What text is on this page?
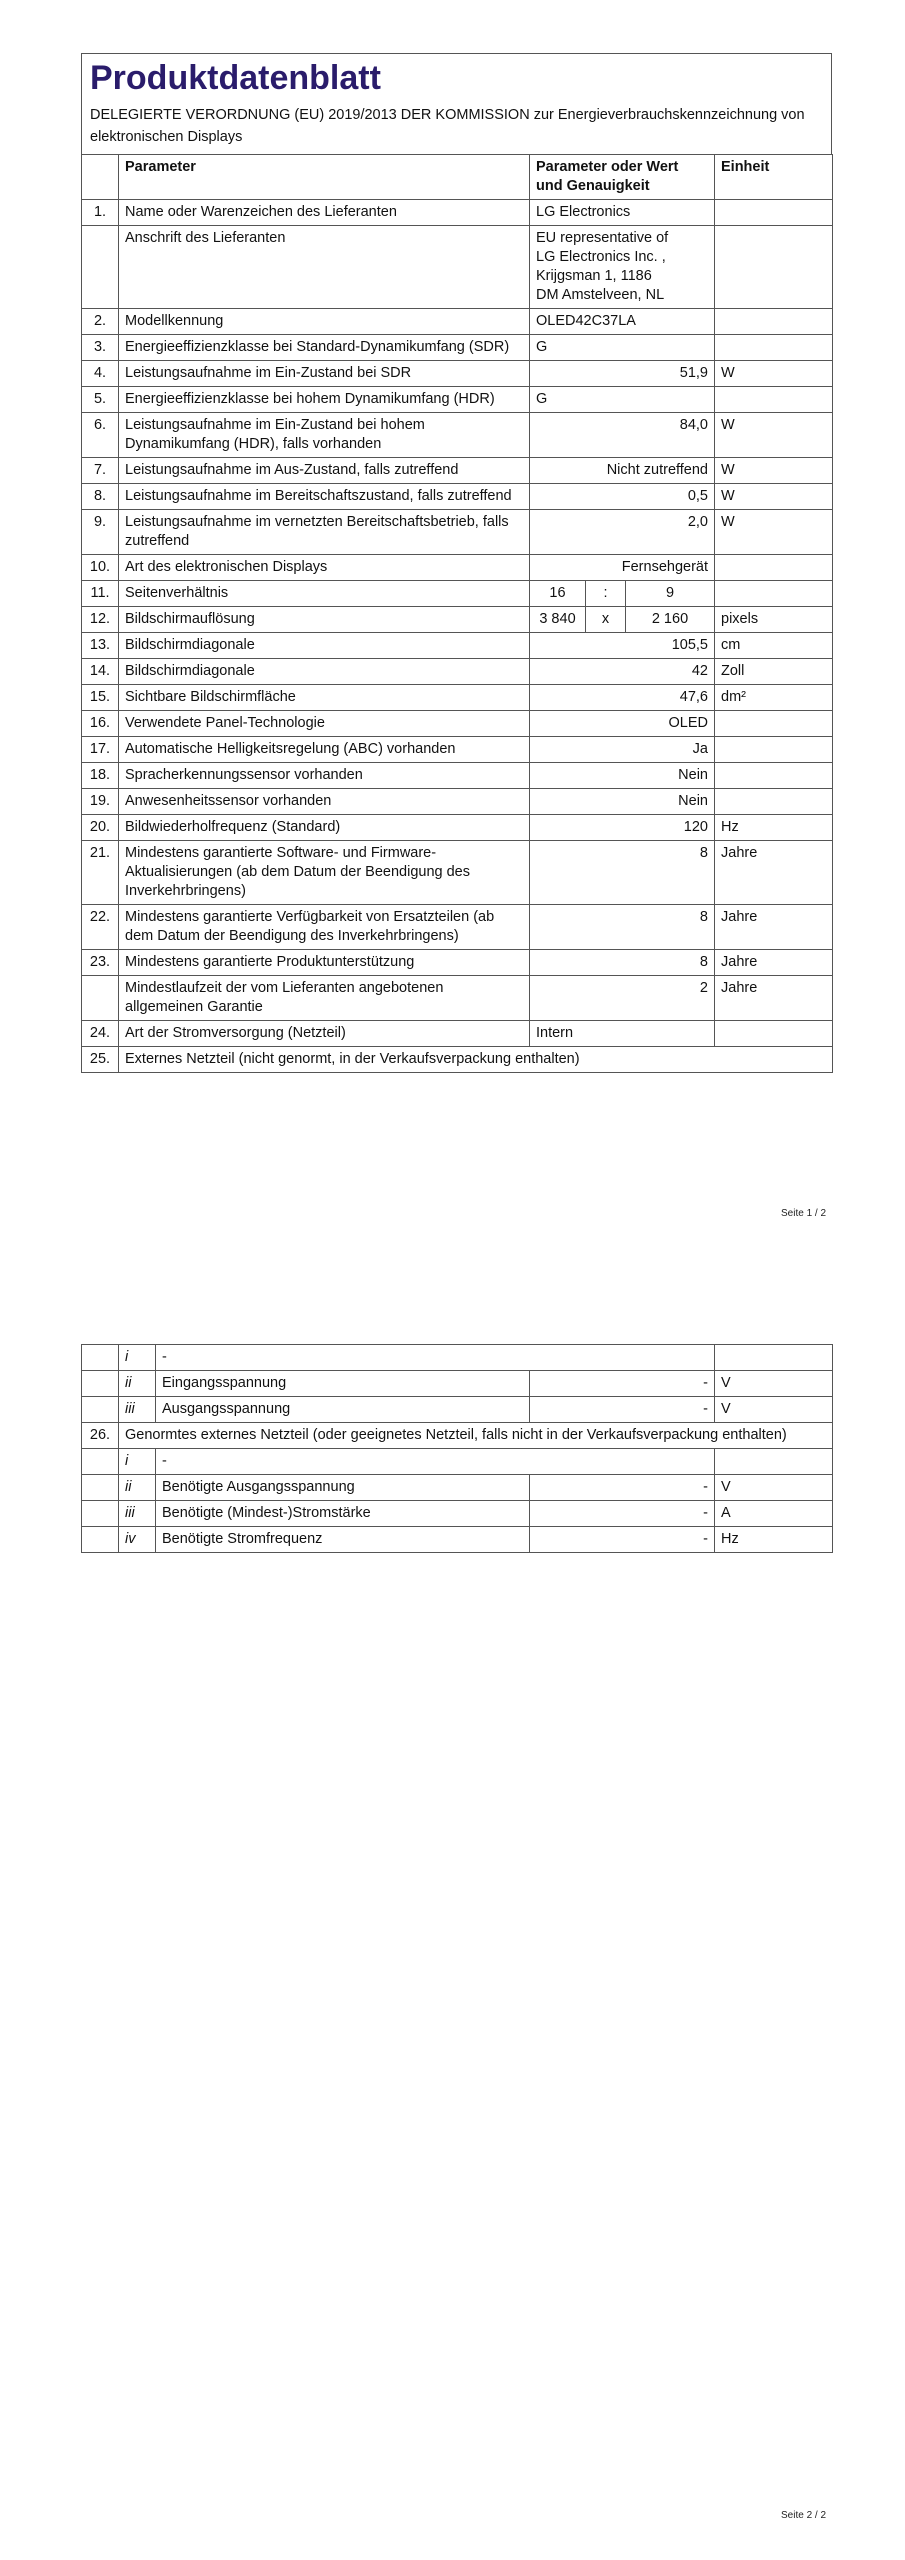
Produktdatenblatt
DELEGIERTE VERORDNUNG (EU) 2019/2013 DER KOMMISSION zur Energieverbrauchskennzeichnung von elektronischen Displays
	Parameter	Parameter oder Wert und Genauigkeit			Einheit
1.	Name oder Warenzeichen des Lieferanten	LG Electronics			
	Anschrift des Lieferanten	EU representative of LG Electronics Inc. , Krijgsman 1, 1186 DM Amstelveen, NL			
2.	Modellkennung	OLED42C37LA			
3.	Energieeffizienzklasse bei Standard-Dynamikumfang (SDR)	G			
4.	Leistungsaufnahme im Ein-Zustand bei SDR	51,9			W
5.	Energieeffizienzklasse bei hohem Dynamikumfang (HDR)	G			
6.	Leistungsaufnahme im Ein-Zustand bei hohem Dynamikumfang (HDR), falls vorhanden	84,0			W
7.	Leistungsaufnahme im Aus-Zustand, falls zutreffend	Nicht zutreffend			W
8.	Leistungsaufnahme im Bereitschaftszustand, falls zutreffend	0,5			W
9.	Leistungsaufnahme im vernetzten Bereitschaftsbetrieb, falls zutreffend	2,0			W
10.	Art des elektronischen Displays	Fernsehgerät			
11.	Seitenverhältnis	16	:	9	
12.	Bildschirmauflösung	3 840	x	2 160	pixels
13.	Bildschirmdiagonale	105,5			cm
14.	Bildschirmdiagonale	42			Zoll
15.	Sichtbare Bildschirmfläche	47,6			dm²
16.	Verwendete Panel-Technologie	OLED			
17.	Automatische Helligkeitsregelung (ABC) vorhanden	Ja			
18.	Spracherkennungssensor vorhanden	Nein			
19.	Anwesenheitssensor vorhanden	Nein			
20.	Bildwiederholfrequenz (Standard)	120			Hz
21.	Mindestens garantierte Software- und Firmware-Aktualisierungen (ab dem Datum der Beendigung des Inverkehrbringens)	8			Jahre
22.	Mindestens garantierte Verfügbarkeit von Ersatzteilen (ab dem Datum der Beendigung des Inverkehrbringens)	8			Jahre
23.	Mindestens garantierte Produktunterstützung	8			Jahre
	Mindestlaufzeit der vom Lieferanten angebotenen allgemeinen Garantie	2			Jahre
24.	Art der Stromversorgung (Netzteil)	Intern			
25.	Externes Netzteil (nicht genormt, in der Verkaufsverpackung enthalten)				
Seite 1 / 2
	i	-		
	ii	Eingangsspannung	-	V
	iii	Ausgangsspannung	-	V
26.	Genormtes externes Netzteil (oder geeignetes Netzteil, falls nicht in der Verkaufsverpackung enthalten)			
	i	-		
	ii	Benötigte Ausgangsspannung	-	V
	iii	Benötigte (Mindest-)Stromstärke	-	A
	iv	Benötigte Stromfrequenz	-	Hz
Seite 2 / 2
